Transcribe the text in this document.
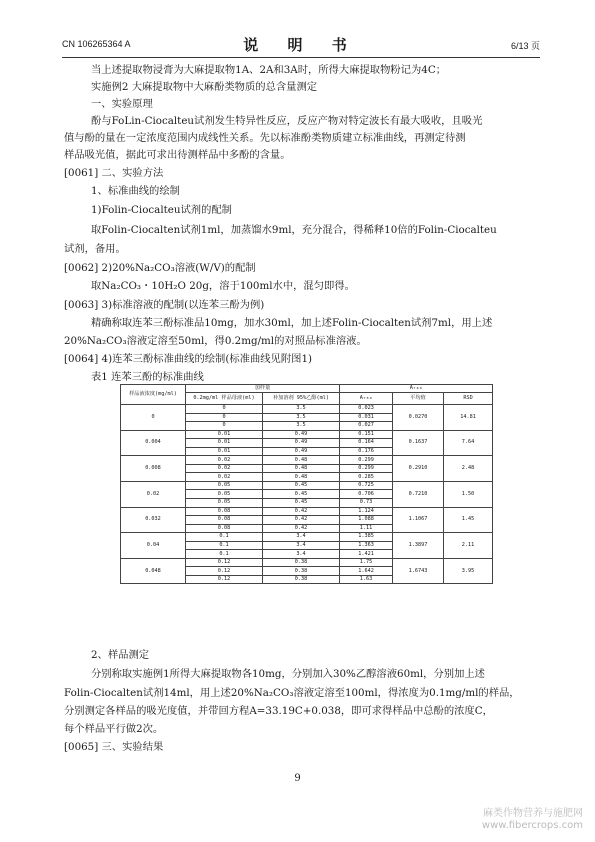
CN 106265364 A	说 明 书	6/13 页
当上述提取物浸膏为大麻提取物1A、2A和3A时，所得大麻提取物粉记为4C；
实施例2 大麻提取物中大麻酚类物质的总含量测定
一、实验原理
酚与FoLin-Ciocalteu试剂发生特异性反应，反应产物对特定波长有最大吸收，且吸光
值与酚的量在一定浓度范围内成线性关系。先以标准酚类物质建立标准曲线，再测定待测
样品吸光值，据此可求出待测样品中多酚的含量。
[0061] 二、实验方法
1、标准曲线的绘制
1)Folin-Ciocalteu试剂的配制
取Folin-Ciocalten试剂1ml，加蒸馏水9ml，充分混合，得稀释10倍的Folin-Ciocalteu
试剂，备用。
[0062] 2)20%Na₂CO₃溶液(W/V)的配制
取Na₂CO₃・10H₂O 20g，溶于100ml水中，混匀即得。
[0063] 3)标准溶液的配制(以连苯三酚为例)
精确称取连苯三酚标准品10mg，加水30ml，加上述Folin-Ciocalten试剂7ml，用上述
20%Na₂CO₃溶液定溶至50ml，得0.2mg/ml的对照品标准溶液。
[0064] 4)连苯三酚标准曲线的绘制(标准曲线见附图1)
表1 连苯三酚的标准曲线
样品液浓度(mg/ml)	加样量		A₇₈₀		
	0.2mg/ml 样品母液(ml)	补加溶剂 95%乙醇(ml)	A₇₈₀	平均值	RSD
0	0	3.5	0.023	0.0270	14.81
	0	3.5	0.031		
	0	3.5	0.027		
0.004	0.01	0.49	0.151	0.1637	7.64
	0.01	0.49	0.164		
	0.01	0.49	0.176		
0.008	0.02	0.48	0.299	0.2910	2.48
	0.02	0.48	0.299		
	0.02	0.48	0.285		
0.02	0.05	0.45	0.725	0.7210	1.50
	0.05	0.45	0.706		
	0.05	0.45	0.73		
0.032	0.08	0.42	1.124	1.1067	1.45
	0.08	0.42	1.088		
	0.08	0.42	1.11		
0.04	0.1	3.4	1.385	1.3897	2.11
	0.1	3.4	1.363		
	0.1	3.4	1.421		
0.048	0.12	0.38	1.75	1.6743	3.95
	0.12	0.38	1.642		
	0.12	0.38	1.63		
2、样品测定
分别称取实施例1所得大麻提取物各10mg，分别加入30%乙醇溶液60ml，分别加上述
Folin-Ciocalten试剂14ml，用上述20%Na₂CO₃溶液定溶至100ml，得浓度为0.1mg/ml的样品，
分别测定各样品的吸光度值，并带回方程A=33.19C+0.038，即可求得样品中总酚的浓度C，
每个样品平行做2次。
[0065] 三、实验结果
9
麻类作物营养与施肥网
www.fibercrops.com
